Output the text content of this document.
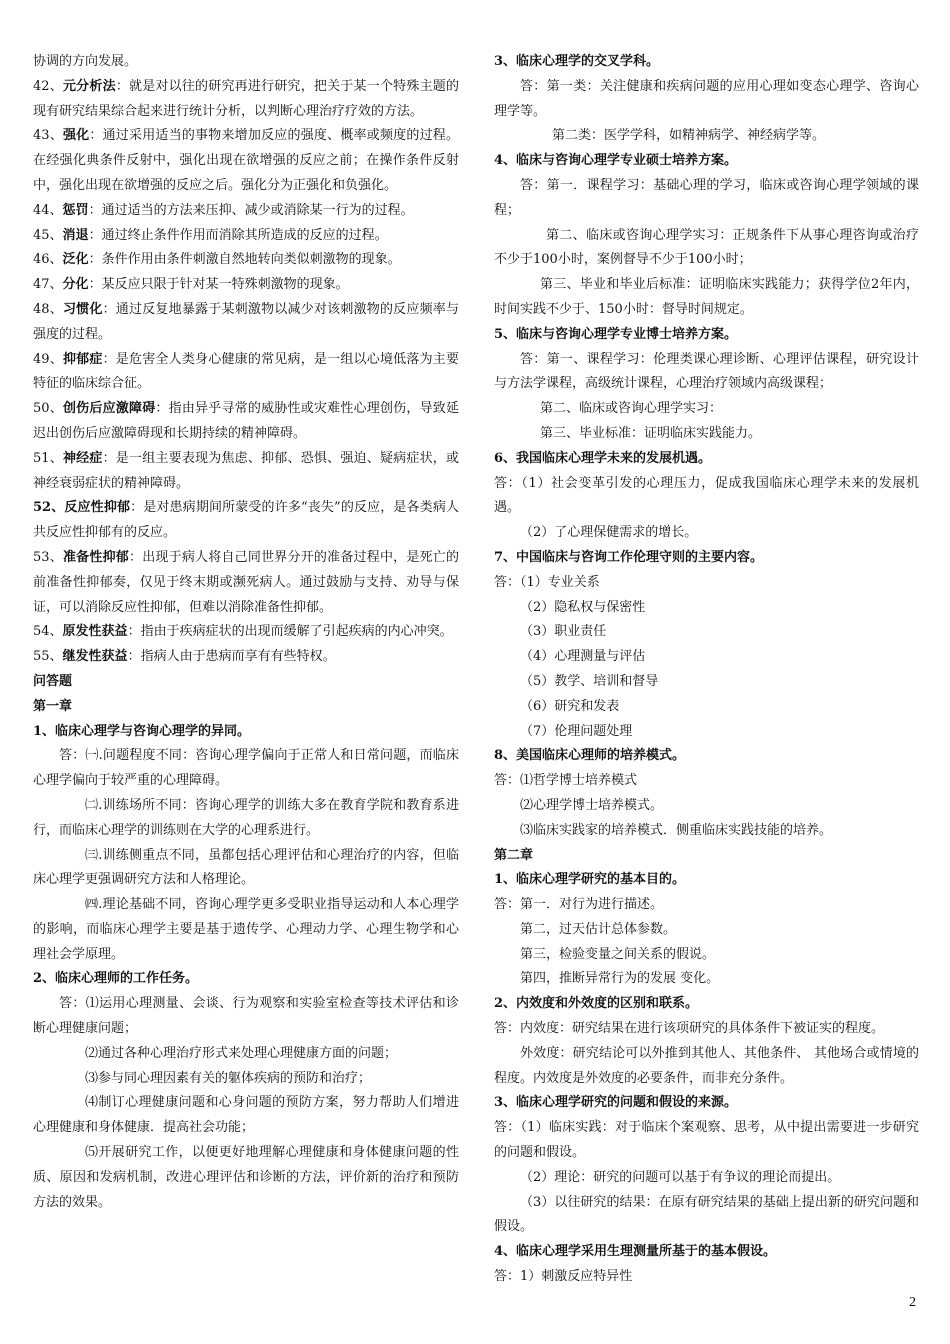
协调的方向发展。

42、元分析法：就是对以往的研究再进行研究，把关于某一个特殊主题的现有研究结果综合起来进行统计分析，以判断心理治疗疗效的方法。

43、强化：通过采用适当的事物来增加反应的强度、概率或频度的过程。在经强化典条件反射中，强化出现在欲增强的反应之前；在操作条件反射中，强化出现在欲增强的反应之后。强化分为正强化和负强化。

44、惩罚：通过适当的方法来压抑、减少或消除某一行为的过程。

45、消退：通过终止条件作用而消除其所造成的反应的过程。

46、泛化：条件作用由条件刺激自然地转向类似刺激物的现象。

47、分化：某反应只限于针对某一特殊刺激物的现象。

48、习惯化：通过反复地暴露于某刺激物以减少对该刺激物的反应频率与强度的过程。

49、抑郁症：是危害全人类身心健康的常见病，是一组以心境低落为主要特征的临床综合征。

50、创伤后应激障碍：指由异乎寻常的威胁性或灾难性心理创伤，导致延迟出创伤后应激障碍现和长期持续的精神障碍。

51、神经症：是一组主要表现为焦虑、抑郁、恐惧、强迫、疑病症状，或神经衰弱症状的精神障碍。

52、反应性抑郁：是对患病期间所蒙受的许多“丧失”的反应，是各类病人共反应性抑郁有的反应。

53、准备性抑郁：出现于病人将自己同世界分开的准备过程中，是死亡的前准备性抑郁奏，仅见于终末期或濒死病人。通过鼓励与支持、劝导与保证，可以消除反应性抑郁，但难以消除准备性抑郁。

54、原发性获益：指由于疾病症状的出现而缓解了引起疾病的内心冲突。

55、继发性获益：指病人由于患病而享有有些特权。

问答题

第一章

1、临床心理学与咨询心理学的异同。

答：㈠.问题程度不同：咨询心理学偏向于正常人和日常问题，而临床心理学偏向于较严重的心理障碍。

㈡.训练场所不同：咨询心理学的训练大多在教育学院和教育系进行，而临床心理学的训练则在大学的心理系进行。

㈢.训练侧重点不同，虽都包括心理评估和心理治疗的内容，但临床心理学更强调研究方法和人格理论。

㈣.理论基础不同，咨询心理学更多受职业指导运动和人本心理学的影响，而临床心理学主要是基于遗传学、心理动力学、心理生物学和心理社会学原理。

2、临床心理师的工作任务。

答：⑴运用心理测量、会谈、行为观察和实验室检查等技术评估和诊断心理健康问题；

⑵通过各种心理治疗形式来处理心理健康方面的问题；

⑶参与同心理因素有关的躯体疾病的预防和治疗；

⑷制订心理健康问题和心身问题的预防方案，努力帮助人们增进心理健康和身体健康．提高社会功能；

⑸开展研究工作，以便更好地理解心理健康和身体健康问题的性质、原因和发病机制，改进心理评估和诊断的方法，评价新的治疗和预防方法的效果。

3、临床心理学的交叉学科。

答：第一类：关注健康和疾病问题的应用心理如变态心理学、咨询心理学等。

第二类：医学学科，如精神病学、神经病学等。

4、临床与咨询心理学专业硕士培养方案。

答：第一．课程学习：基础心理的学习，临床或咨询心理学领域的课程；

第二、临床或咨询心理学实习：正规条件下从事心理咨询或治疗不少于100小时，案例督导不少于100小时；

第三、毕业和毕业后标准：证明临床实践能力；获得学位2年内，时间实践不少于、150小时：督导时间规定。

5、临床与咨询心理学专业博士培养方案。

答：第一、课程学习：伦理类课心理诊断、心理评估课程，研究设计与方法学课程，高级统计课程，心理治疗领域内高级课程；

第二、临床或咨询心理学实习：

第三、毕业标准：证明临床实践能力。

6、我国临床心理学未来的发展机遇。

答：（1）社会变革引发的心理压力，促成我国临床心理学未来的发展机遇。

（2）了心理保健需求的增长。

7、中国临床与咨询工作伦理守则的主要内容。

答：（1）专业关系

（2）隐私权与保密性

（3）职业责任

（4）心理测量与评估

（5）教学、培训和督导

（6）研究和发表

（7）伦理问题处理

8、美国临床心理师的培养模式。

答：⑴哲学博士培养模式

⑵心理学博士培养模式。

⑶临床实践家的培养模式．侧重临床实践技能的培养。

第二章

1、临床心理学研究的基本目的。

答：第一．对行为进行描述。

第二，过天估计总体参数。

第三，检验变量之间关系的假说。

第四，推断异常行为的发展 变化。

2、内效度和外效度的区别和联系。

答：内效度：研究结果在进行该项研究的具体条件下被证实的程度。

外效度：研究结论可以外推到其他人、其他条件、 其他场合或情境的程度。内效度是外效度的必要条件，而非充分条件。

3、临床心理学研究的问题和假设的来源。

答：（1）临床实践：对于临床个案观察、思考，从中提出需要进一步研究的问题和假设。

（2）理论：研究的问题可以基于有争议的理论而提出。

（3）以往研究的结果：在原有研究结果的基础上提出新的研究问题和假设。

4、临床心理学采用生理测量所基于的基本假设。

答：1）刺激反应特异性

2
